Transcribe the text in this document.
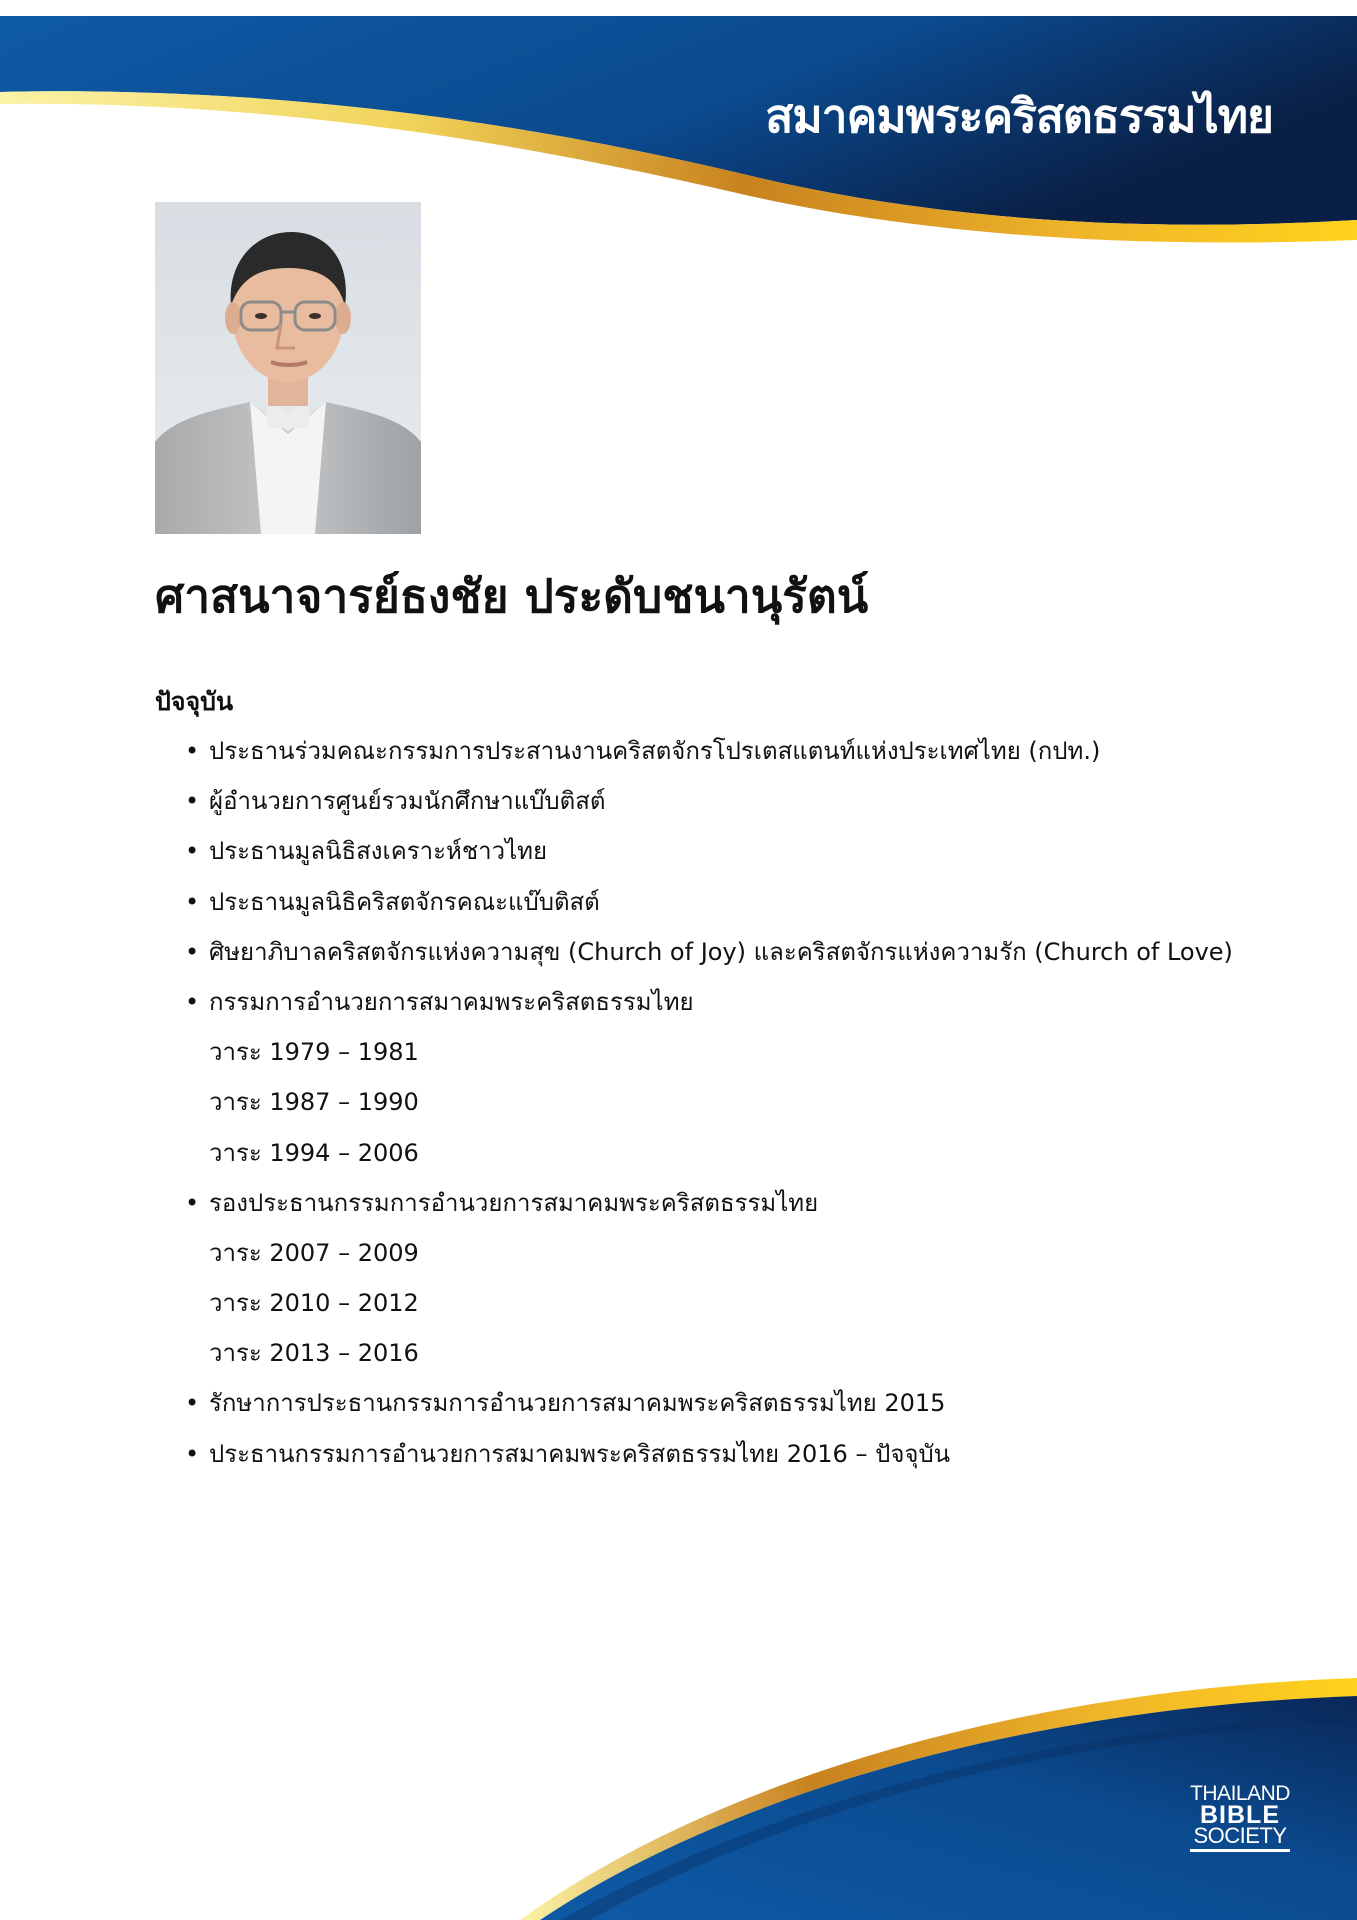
สมาคมพระคริสตธรรมไทย
ศาสนาจารย์ธงชัย ประดับชนานุรัตน์
ปัจจุบัน
• ประธานร่วมคณะกรรมการประสานงานคริสตจักรโปรเตสแตนท์แห่งประเทศไทย (กปท.)
• ผู้อำนวยการศูนย์รวมนักศึกษาแบ๊บติสต์
• ประธานมูลนิธิสงเคราะห์ชาวไทย
• ประธานมูลนิธิคริสตจักรคณะแบ๊บติสต์
• ศิษยาภิบาลคริสตจักรแห่งความสุข (Church of Joy) และคริสตจักรแห่งความรัก (Church of Love)
• กรรมการอำนวยการสมาคมพระคริสตธรรมไทย
วาระ 1979 – 1981
วาระ 1987 – 1990
วาระ 1994 – 2006
• รองประธานกรรมการอำนวยการสมาคมพระคริสตธรรมไทย
วาระ 2007 – 2009
วาระ 2010 – 2012
วาระ 2013 – 2016
• รักษาการประธานกรรมการอำนวยการสมาคมพระคริสตธรรมไทย 2015
• ประธานกรรมการอำนวยการสมาคมพระคริสตธรรมไทย 2016 – ปัจจุบัน
THAILAND
BIBLE
SOCIETY
